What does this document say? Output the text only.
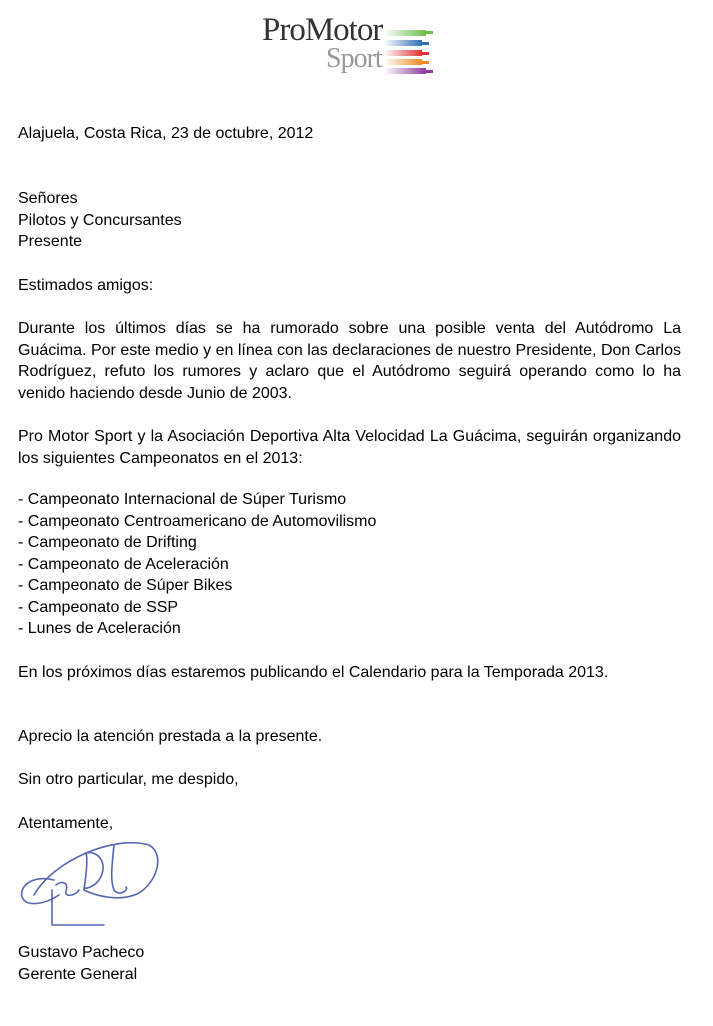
ProMotor
Sport
Alajuela, Costa Rica, 23 de octubre, 2012
Señores
Pilotos y Concursantes
Presente
Estimados amigos:
Durante los últimos días se ha rumorado sobre una posible venta del Autódromo La Guácima. Por este medio y en línea con las declaraciones de nuestro Presidente, Don Carlos Rodríguez, refuto los rumores y aclaro que el Autódromo seguirá operando como lo ha venido haciendo desde Junio de 2003.
Pro Motor Sport y la Asociación Deportiva Alta Velocidad La Guácima, seguirán organizando los siguientes Campeonatos en el 2013:
- Campeonato Internacional de Súper Turismo
- Campeonato Centroamericano de Automovilismo
- Campeonato de Drifting
- Campeonato de Aceleración
- Campeonato de Súper Bikes
- Campeonato de SSP
- Lunes de Aceleración
En los próximos días estaremos publicando el Calendario para la Temporada 2013.
Aprecio la atención prestada a la presente.
Sin otro particular, me despido,
Atentamente,
Gustavo Pacheco
Gerente General
